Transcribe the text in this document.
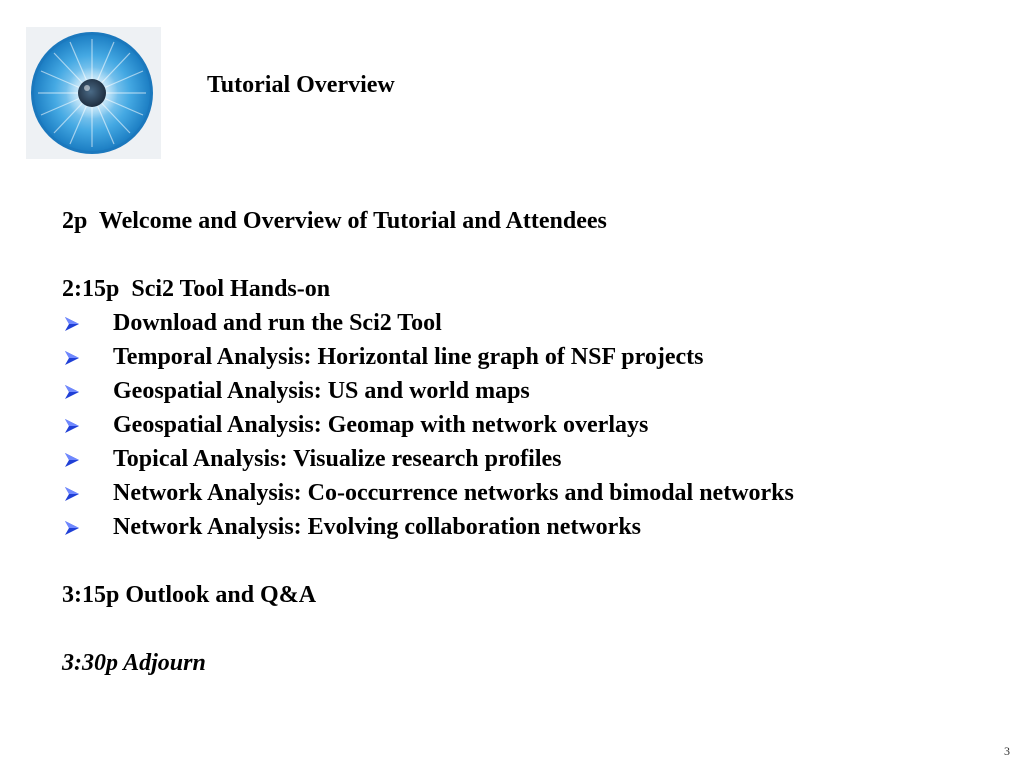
Tutorial Overview
2p  Welcome and Overview of Tutorial and Attendees
2:15p  Sci2 Tool Hands-on
Download and run the Sci2 Tool
Temporal Analysis: Horizontal line graph of NSF projects
Geospatial Analysis: US and world maps
Geospatial Analysis: Geomap with network overlays
Topical Analysis: Visualize research profiles
Network Analysis: Co-occurrence networks and bimodal networks
Network Analysis: Evolving collaboration networks
3:15p Outlook and Q&A
3:30p Adjourn
3
